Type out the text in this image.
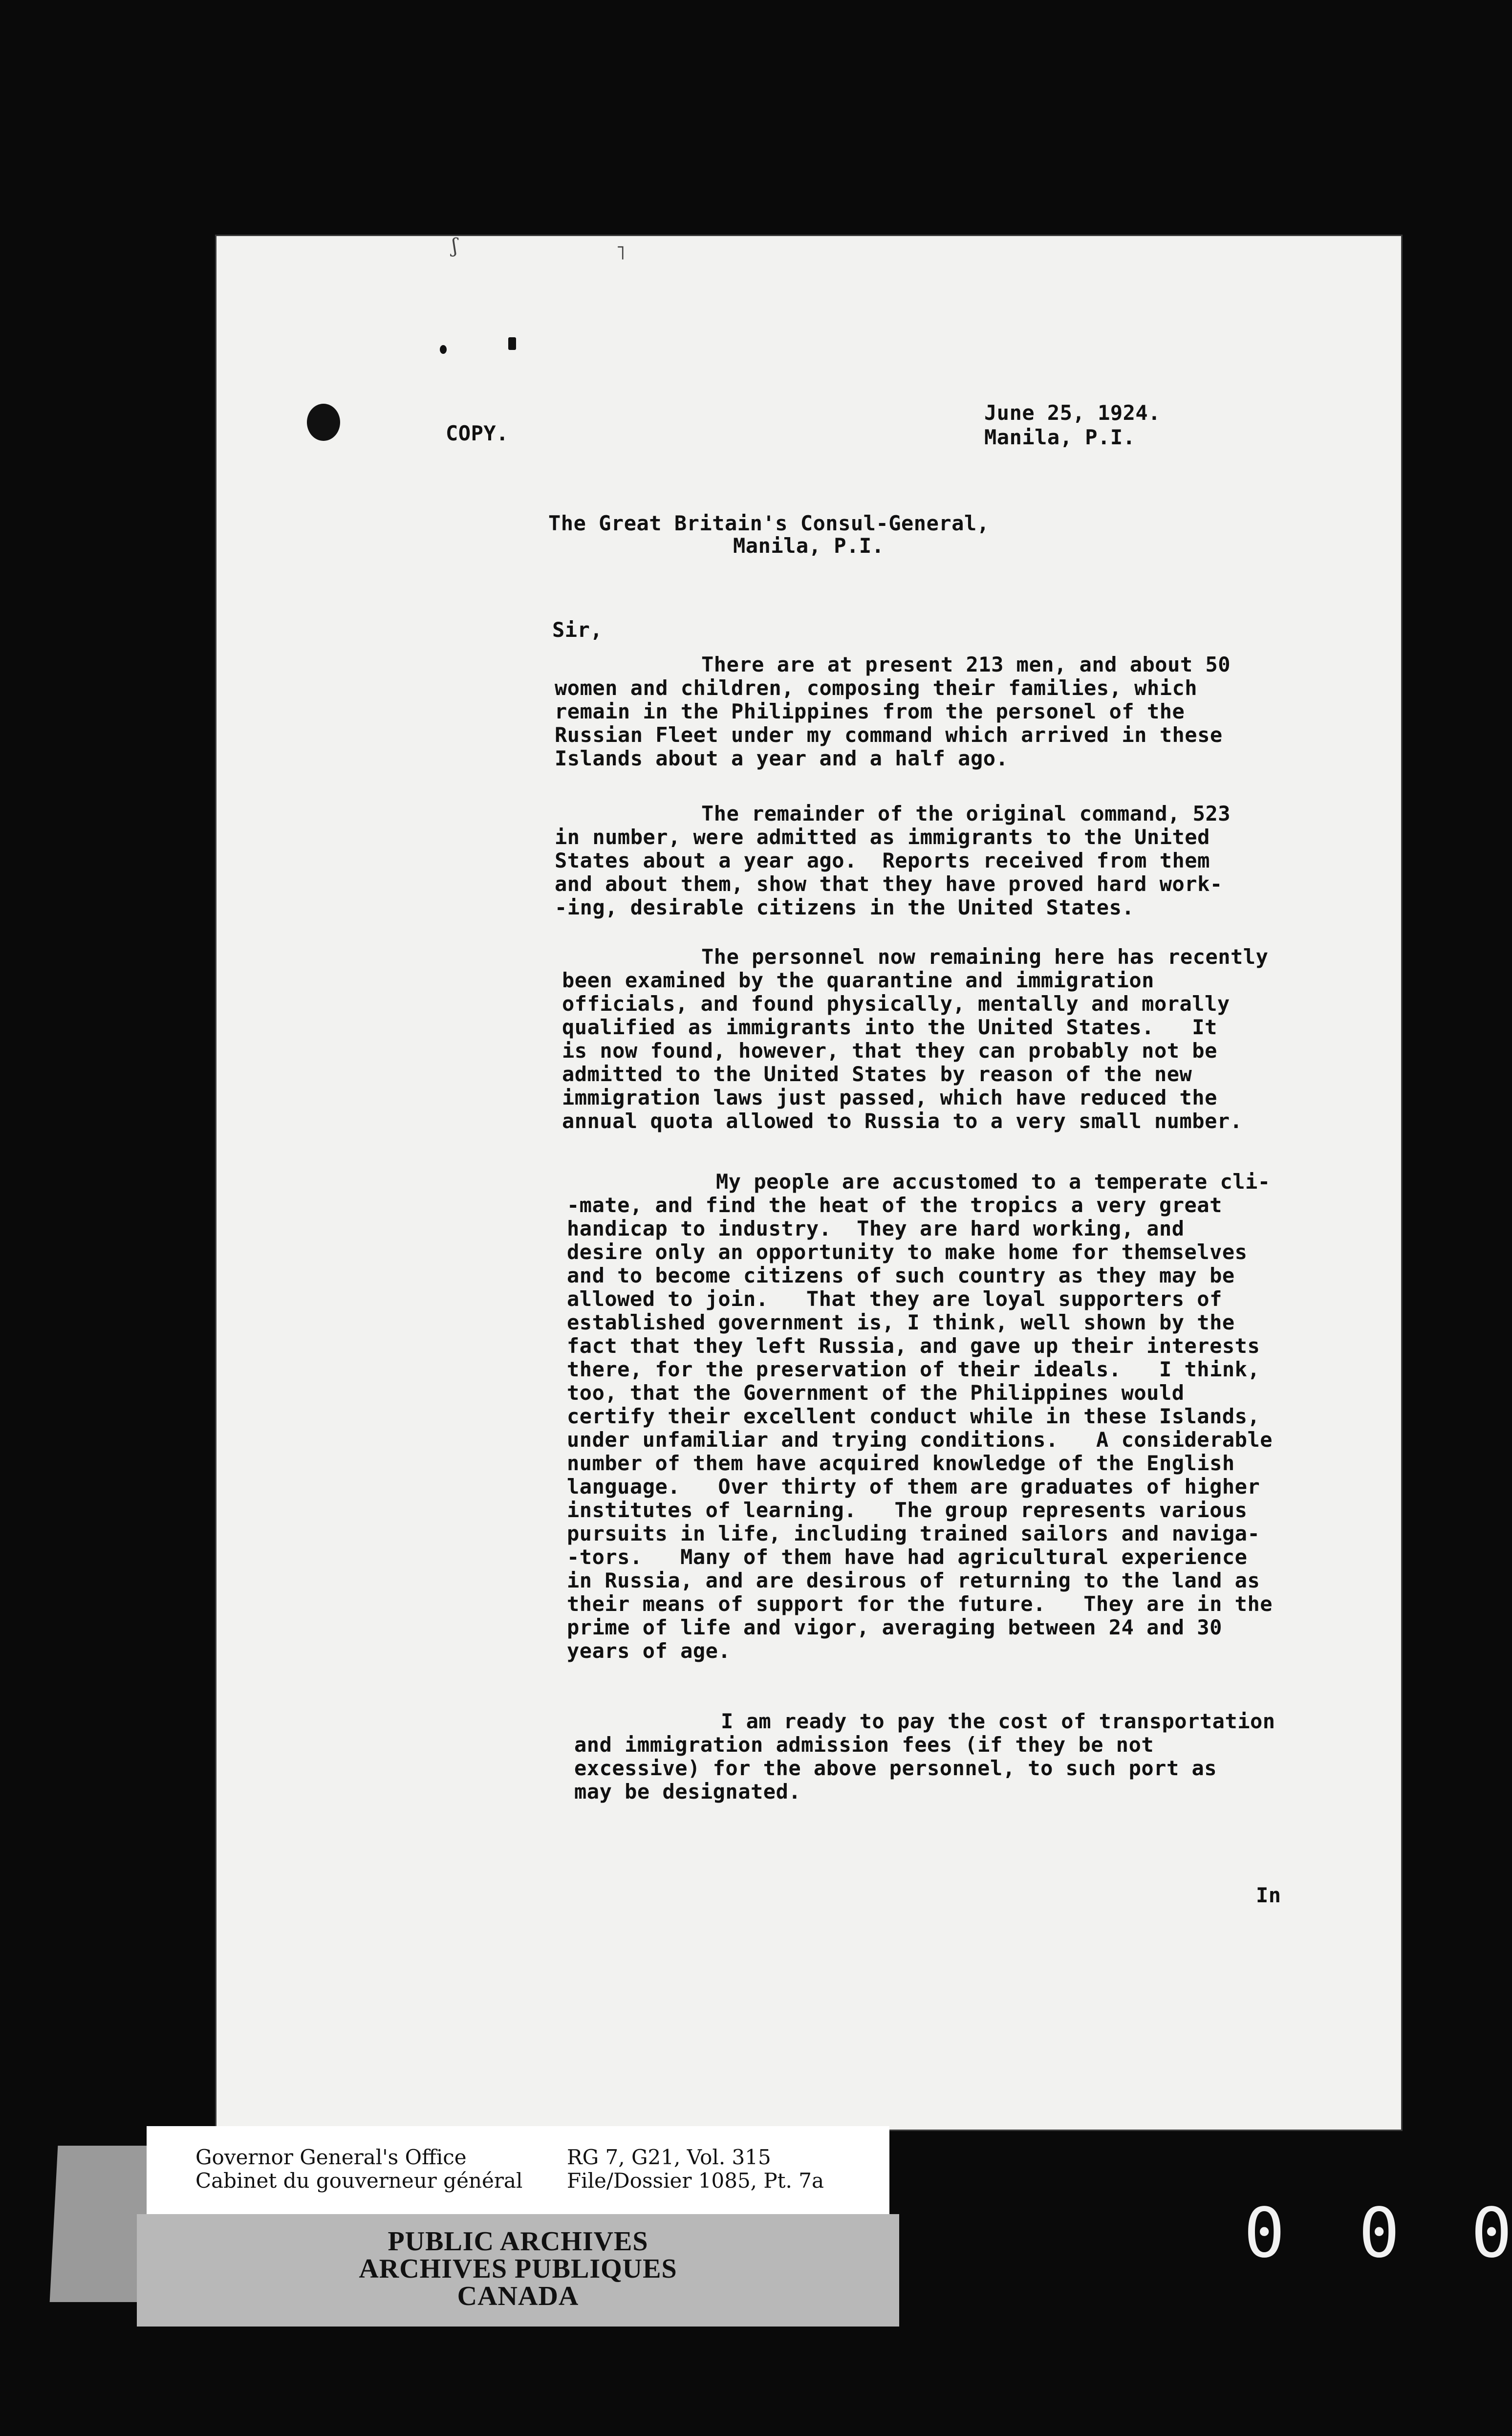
ʃ	˥
COPY.
June 25, 1924.
Manila, P.I.
The Great Britain's Consul-General,
Manila, P.I.
Sir,
There are at present 213 men, and about 50
women and children, composing their families, which
remain in the Philippines from the personel of the
Russian Fleet under my command which arrived in these
Islands about a year and a half ago.
The remainder of the original command, 523
in number, were admitted as immigrants to the United
States about a year ago.  Reports received from them
and about them, show that they have proved hard work-
-ing, desirable citizens in the United States.
The personnel now remaining here has recently
been examined by the quarantine and immigration
officials, and found physically, mentally and morally
qualified as immigrants into the United States.   It
is now found, however, that they can probably not be
admitted to the United States by reason of the new
immigration laws just passed, which have reduced the
annual quota allowed to Russia to a very small number.
My people are accustomed to a temperate cli-
-mate, and find the heat of the tropics a very great
handicap to industry.  They are hard working, and
desire only an opportunity to make home for themselves
and to become citizens of such country as they may be
allowed to join.   That they are loyal supporters of
established government is, I think, well shown by the
fact that they left Russia, and gave up their interests
there, for the preservation of their ideals.   I think,
too, that the Government of the Philippines would
certify their excellent conduct while in these Islands,
under unfamiliar and trying conditions.   A considerable
number of them have acquired knowledge of the English
language.   Over thirty of them are graduates of higher
institutes of learning.   The group represents various
pursuits in life, including trained sailors and naviga-
-tors.   Many of them have had agricultural experience
in Russia, and are desirous of returning to the land as
their means of support for the future.   They are in the
prime of life and vigor, averaging between 24 and 30
years of age.
I am ready to pay the cost of transportation
and immigration admission fees (if they be not
excessive) for the above personnel, to such port as
may be designated.
In
Governor General's Office
Cabinet du gouverneur général
RG 7, G21, Vol. 315
File/Dossier 1085, Pt. 7a
PUBLIC ARCHIVES
ARCHIVES PUBLIQUES
CANADA
0 0 0
